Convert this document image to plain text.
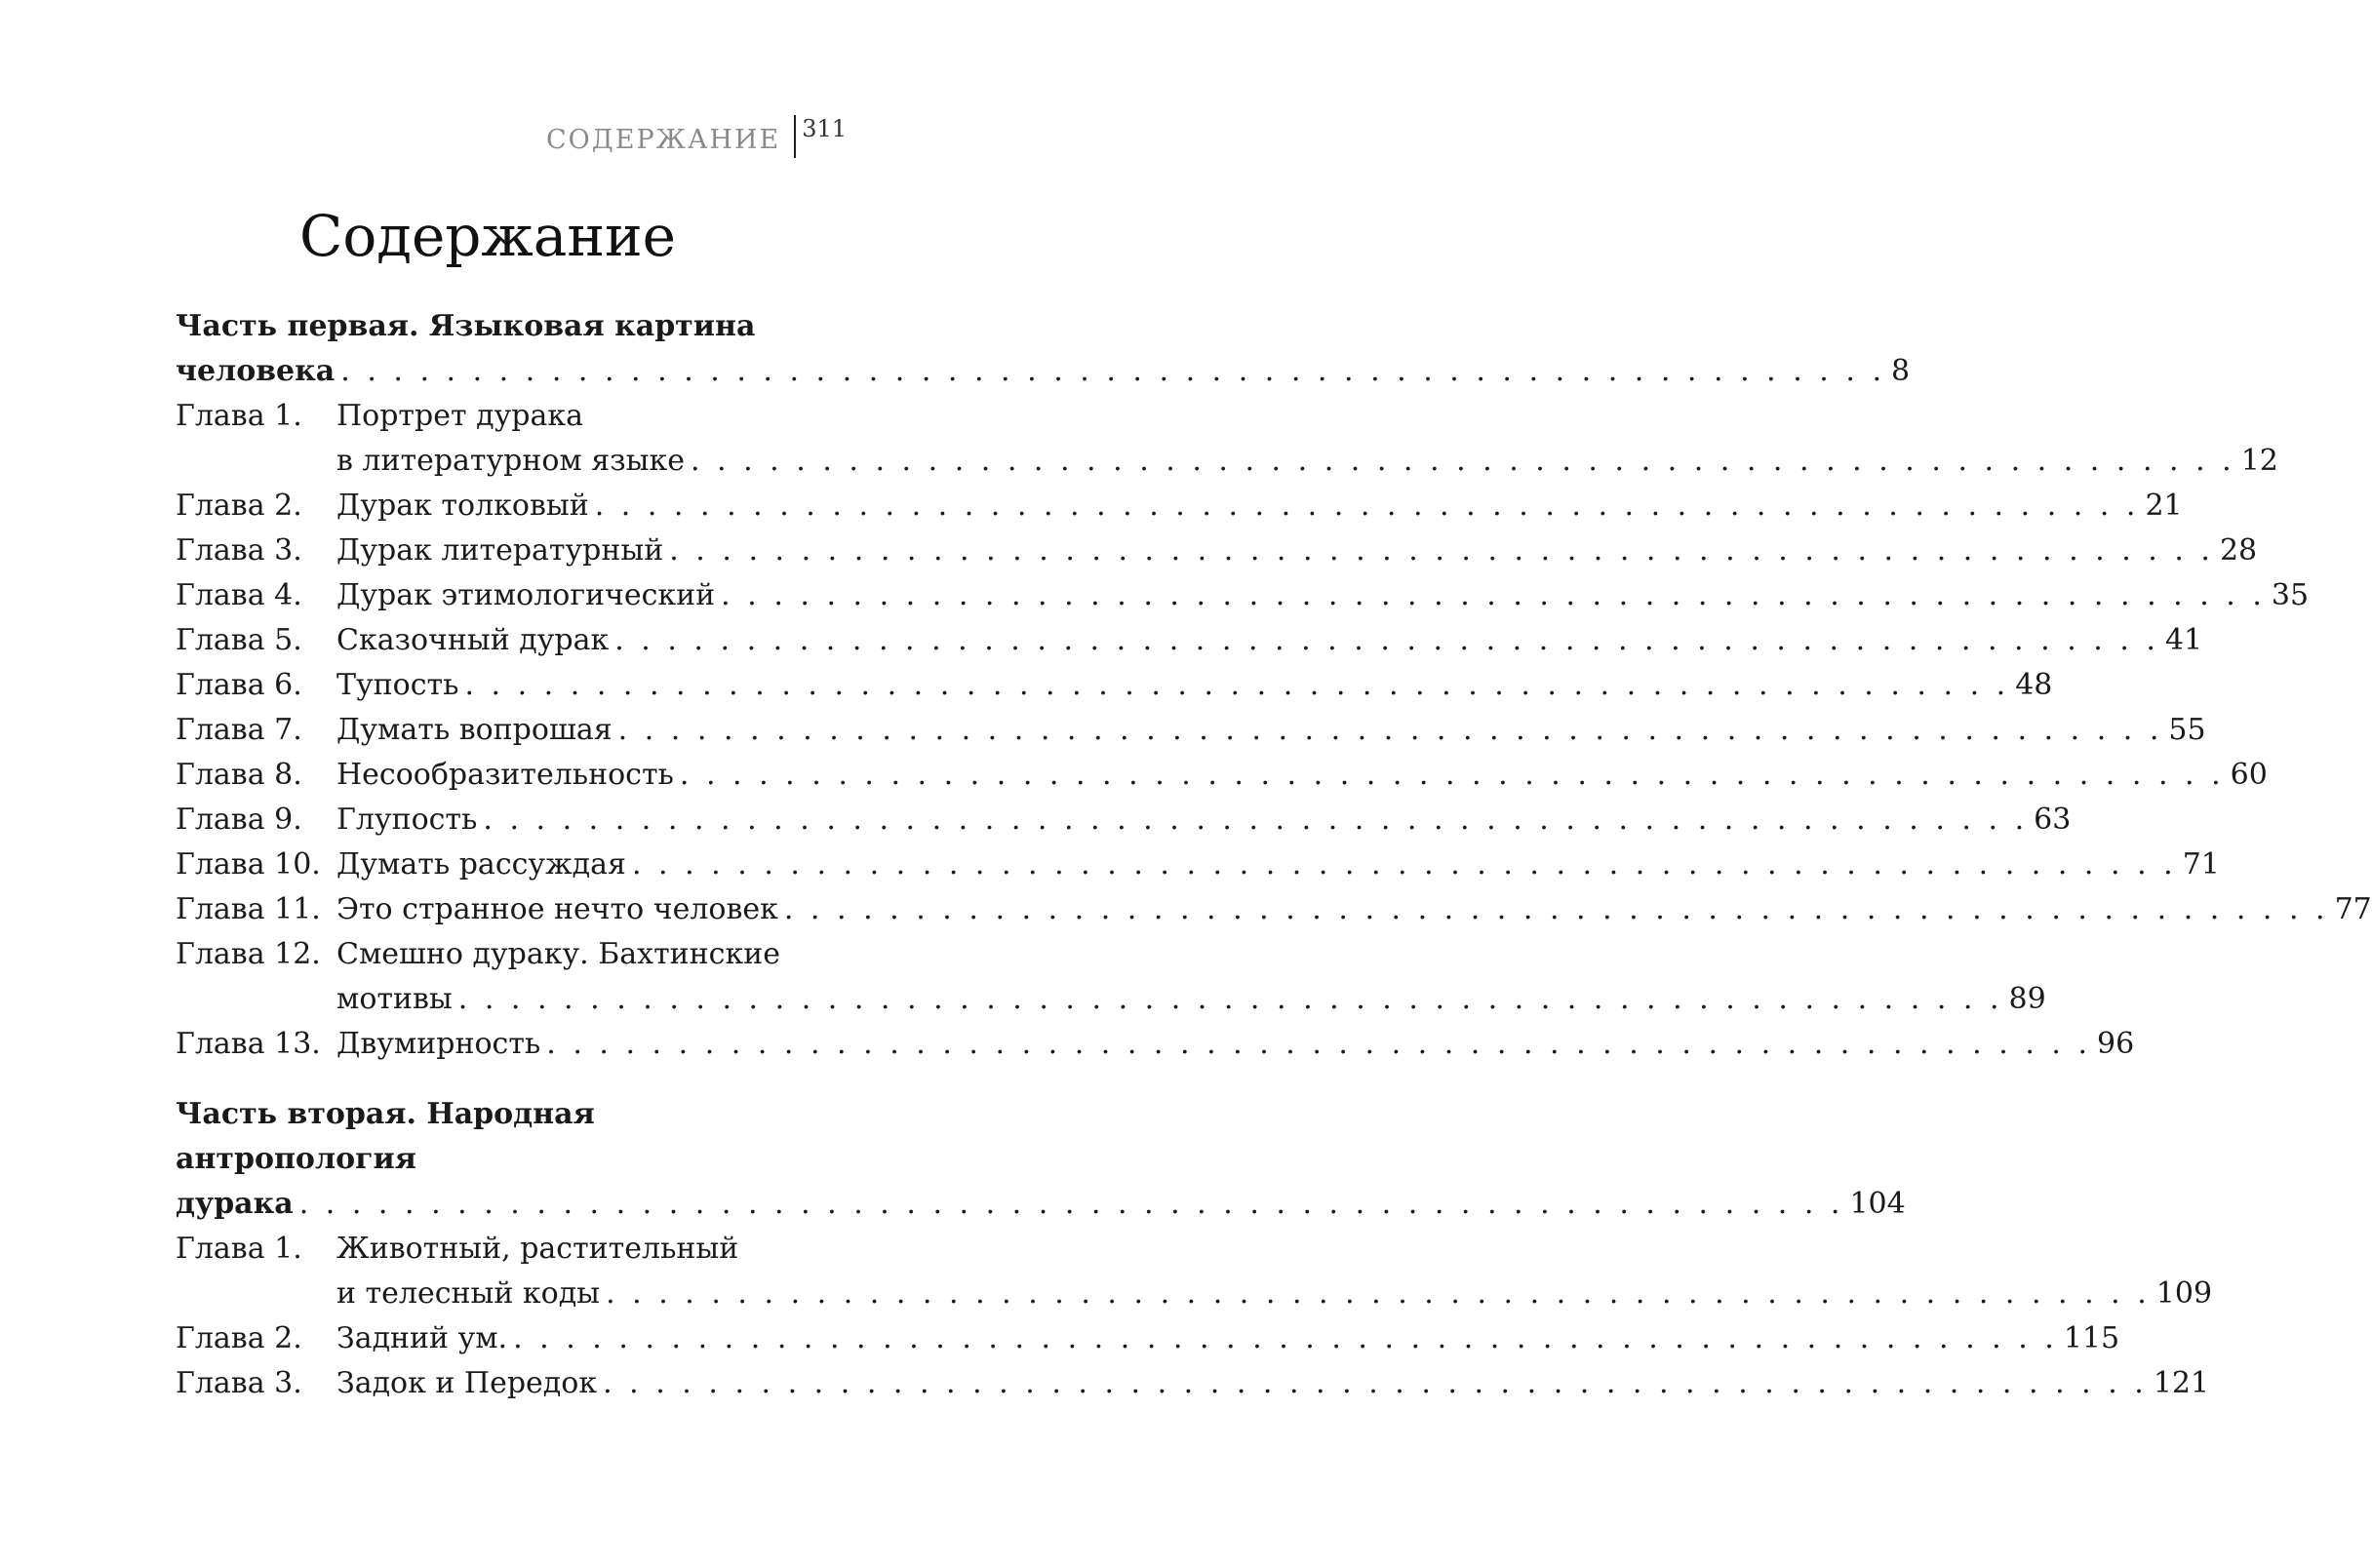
СОДЕРЖАНИЕ 311
Содержание
Часть первая. Языковая картина
человека . . .	8
Глава 1.	Портрет дурака
в литературном языке . . .	12
Глава 2.	Дурак толковый . . .	21
Глава 3.	Дурак литературный . . .	28
Глава 4.	Дурак этимологический . . .	35
Глава 5.	Сказочный дурак . . .	41
Глава 6.	Тупость . . .	48
Глава 7.	Думать вопрошая . . .	55
Глава 8.	Несообразительность . . .	60
Глава 9.	Глупость . . .	63
Глава 10. Думать рассуждая . . .	71
Глава 11. Это странное нечто человек . . .	77
Глава 12. Смешно дураку. Бахтинские
мотивы . . .	89
Глава 13. Двумирность . . .	96
Часть вторая. Народная антропология
дурака . . .	104
Глава 1.	Животный, растительный
и телесный коды . . .	109
Глава 2.	Задний ум. . . .	115
Глава 3.	Задок и Передок . . .	121
